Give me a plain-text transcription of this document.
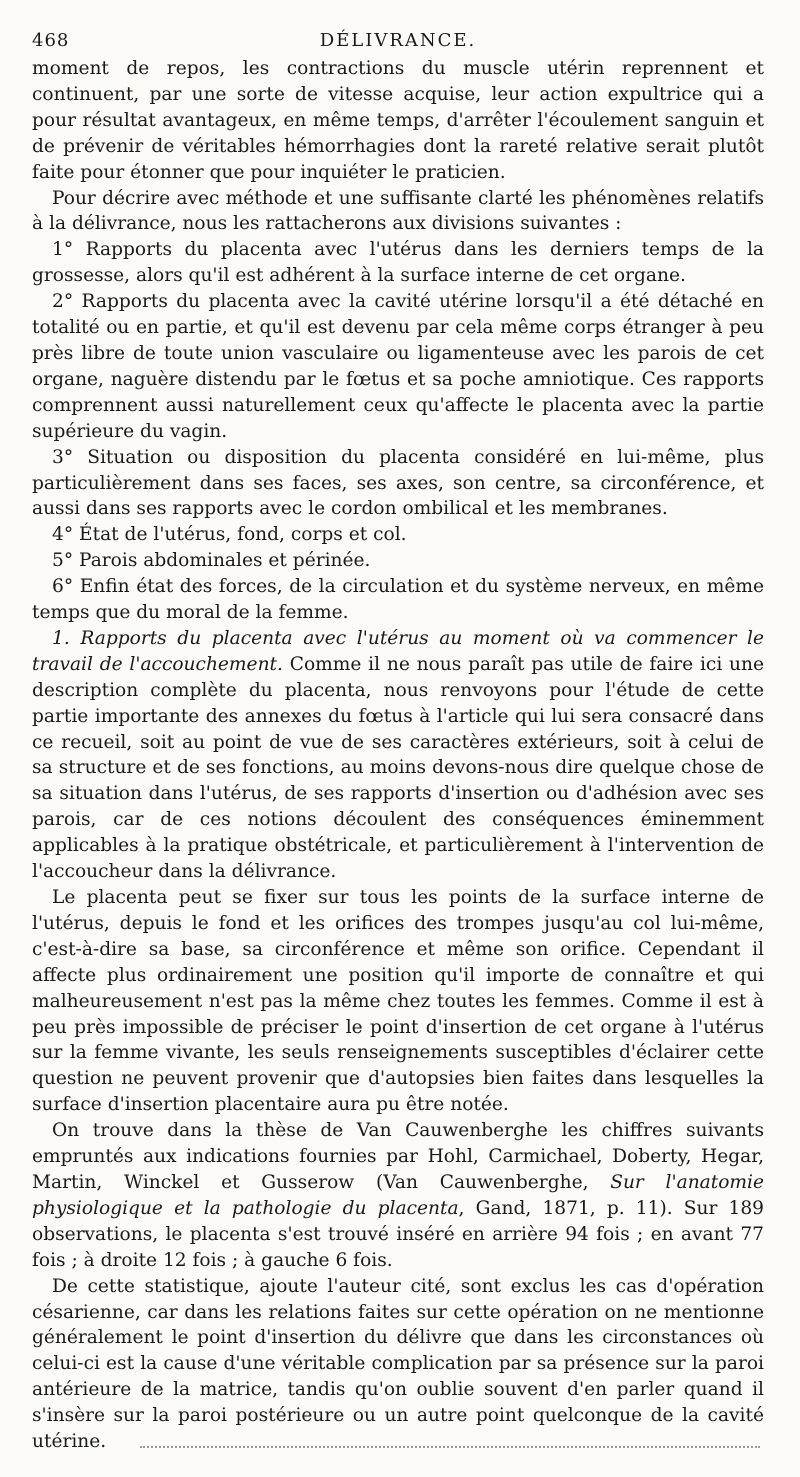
468	DÉLIVRANCE.

moment de repos, les contractions du muscle utérin reprennent et continuent, par une sorte de vitesse acquise, leur action expultrice qui a pour résultat avantageux, en même temps, d'arrêter l'écoulement sanguin et de prévenir de véritables hémorrhagies dont la rareté relative serait plutôt faite pour étonner que pour inquiéter le praticien.

Pour décrire avec méthode et une suffisante clarté les phénomènes relatifs à la délivrance, nous les rattacherons aux divisions suivantes :

1° Rapports du placenta avec l'utérus dans les derniers temps de la grossesse, alors qu'il est adhérent à la surface interne de cet organe.

2° Rapports du placenta avec la cavité utérine lorsqu'il a été détaché en totalité ou en partie, et qu'il est devenu par cela même corps étranger à peu près libre de toute union vasculaire ou ligamenteuse avec les parois de cet organe, naguère distendu par le fœtus et sa poche amniotique. Ces rapports comprennent aussi naturellement ceux qu'affecte le placenta avec la partie supérieure du vagin.

3° Situation ou disposition du placenta considéré en lui-même, plus particulièrement dans ses faces, ses axes, son centre, sa circonférence, et aussi dans ses rapports avec le cordon ombilical et les membranes.

4° État de l'utérus, fond, corps et col.

5° Parois abdominales et périnée.

6° Enfin état des forces, de la circulation et du système nerveux, en même temps que du moral de la femme.

1. Rapports du placenta avec l'utérus au moment où va commencer le travail de l'accouchement. Comme il ne nous paraît pas utile de faire ici une description complète du placenta, nous renvoyons pour l'étude de cette partie importante des annexes du fœtus à l'article qui lui sera consacré dans ce recueil, soit au point de vue de ses caractères extérieurs, soit à celui de sa structure et de ses fonctions, au moins devons-nous dire quelque chose de sa situation dans l'utérus, de ses rapports d'insertion ou d'adhésion avec ses parois, car de ces notions découlent des conséquences éminemment applicables à la pratique obstétricale, et particulièrement à l'intervention de l'accoucheur dans la délivrance.

Le placenta peut se fixer sur tous les points de la surface interne de l'utérus, depuis le fond et les orifices des trompes jusqu'au col lui-même, c'est-à-dire sa base, sa circonférence et même son orifice. Cependant il affecte plus ordinairement une position qu'il importe de connaître et qui malheureusement n'est pas la même chez toutes les femmes. Comme il est à peu près impossible de préciser le point d'insertion de cet organe à l'utérus sur la femme vivante, les seuls renseignements susceptibles d'éclairer cette question ne peuvent provenir que d'autopsies bien faites dans lesquelles la surface d'insertion placentaire aura pu être notée.

On trouve dans la thèse de Van Cauwenberghe les chiffres suivants empruntés aux indications fournies par Hohl, Carmichael, Doberty, Hegar, Martin, Winckel et Gusserow (Van Cauwenberghe, Sur l'anatomie physiologique et la pathologie du placenta, Gand, 1871, p. 11). Sur 189 observations, le placenta s'est trouvé inséré en arrière 94 fois ; en avant 77 fois ; à droite 12 fois ; à gauche 6 fois.

De cette statistique, ajoute l'auteur cité, sont exclus les cas d'opération césarienne, car dans les relations faites sur cette opération on ne mentionne généralement le point d'insertion du délivre que dans les circonstances où celui-ci est la cause d'une véritable complication par sa présence sur la paroi antérieure de la matrice, tandis qu'on oublie souvent d'en parler quand il s'insère sur la paroi postérieure ou un autre point quelconque de la cavité utérine.
